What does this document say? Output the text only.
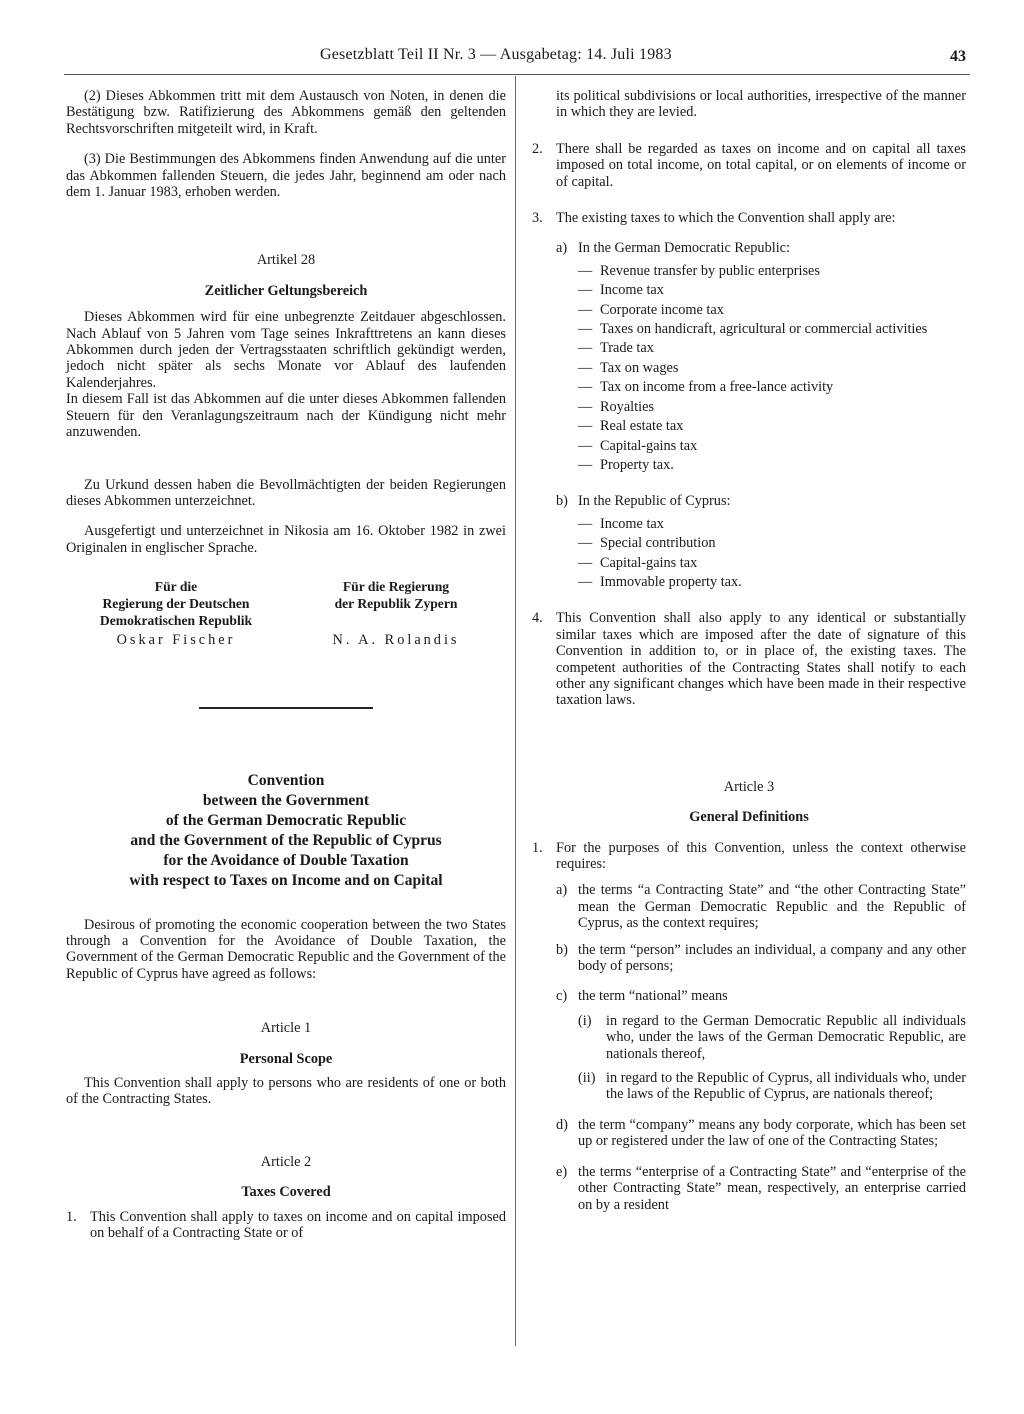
Gesetzblatt Teil II Nr. 3 — Ausgabetag: 14. Juli 1983	43

(2) Dieses Abkommen tritt mit dem Austausch von Noten, in denen die Bestätigung bzw. Ratifizierung des Abkommens gemäß den geltenden Rechtsvorschriften mitgeteilt wird, in Kraft.

(3) Die Bestimmungen des Abkommens finden Anwendung auf die unter das Abkommen fallenden Steuern, die jedes Jahr, beginnend am oder nach dem 1. Januar 1983, erhoben werden.

Artikel 28

Zeitlicher Geltungsbereich

Dieses Abkommen wird für eine unbegrenzte Zeitdauer abgeschlossen. Nach Ablauf von 5 Jahren vom Tage seines Inkrafttretens an kann dieses Abkommen durch jeden der Vertragsstaaten schriftlich gekündigt werden, jedoch nicht später als sechs Monate vor Ablauf des laufenden Kalenderjahres.

In diesem Fall ist das Abkommen auf die unter dieses Abkommen fallenden Steuern für den Veranlagungszeitraum nach der Kündigung nicht mehr anzuwenden.

Zu Urkund dessen haben die Bevollmächtigten der beiden Regierungen dieses Abkommen unterzeichnet.

Ausgefertigt und unterzeichnet in Nikosia am 16. Oktober 1982 in zwei Originalen in englischer Sprache.

Für die
Regierung der Deutschen
Demokratischen Republik
Oskar Fischer
Für die Regierung
der Republik Zypern
N. A. Rolandis
Convention
between the Government
of the German Democratic Republic
and the Government of the Republic of Cyprus
for the Avoidance of Double Taxation
with respect to Taxes on Income and on Capital

Desirous of promoting the economic cooperation between the two States through a Convention for the Avoidance of Double Taxation, the Government of the German Democratic Republic and the Government of the Republic of Cyprus have agreed as follows:

Article 1

Personal Scope

This Convention shall apply to persons who are residents of one or both of the Contracting States.

Article 2

Taxes Covered

1. This Convention shall apply to taxes on income and on capital imposed on behalf of a Contracting State or of

its political subdivisions or local authorities, irrespective of the manner in which they are levied.

2. There shall be regarded as taxes on income and on capital all taxes imposed on total income, on total capital, or on elements of income or of capital.
3. The existing taxes to which the Convention shall apply are:
a) In the German Democratic Republic:
— Revenue transfer by public enterprises
— Income tax
— Corporate income tax
— Taxes on handicraft, agricultural or commercial activities
— Trade tax
— Tax on wages
— Tax on income from a free-lance activity
— Royalties
— Real estate tax
— Capital-gains tax
— Property tax.
b) In the Republic of Cyprus:
— Income tax
— Special contribution
— Capital-gains tax
— Immovable property tax.
4. This Convention shall also apply to any identical or substantially similar taxes which are imposed after the date of signature of this Convention in addition to, or in place of, the existing taxes. The competent authorities of the Contracting States shall notify to each other any significant changes which have been made in their respective taxation laws.

Article 3

General Definitions

1. For the purposes of this Convention, unless the context otherwise requires:
a) the terms “a Contracting State” and “the other Contracting State” mean the German Democratic Republic and the Republic of Cyprus, as the context requires;
b) the term “person” includes an individual, a company and any other body of persons;
c) the term “national” means
(i)	in regard to the German Democratic Republic all individuals who, under the laws of the German Democratic Republic, are nationals thereof,
(ii) in regard to the Republic of Cyprus, all individuals who, under the laws of the Republic of Cyprus, are nationals thereof;
d) the term “company” means any body corporate, which has been set up or registered under the law of one of the Contracting States;
e) the terms “enterprise of a Contracting State” and “enterprise of the other Contracting State” mean, respectively, an enterprise carried on by a resident
